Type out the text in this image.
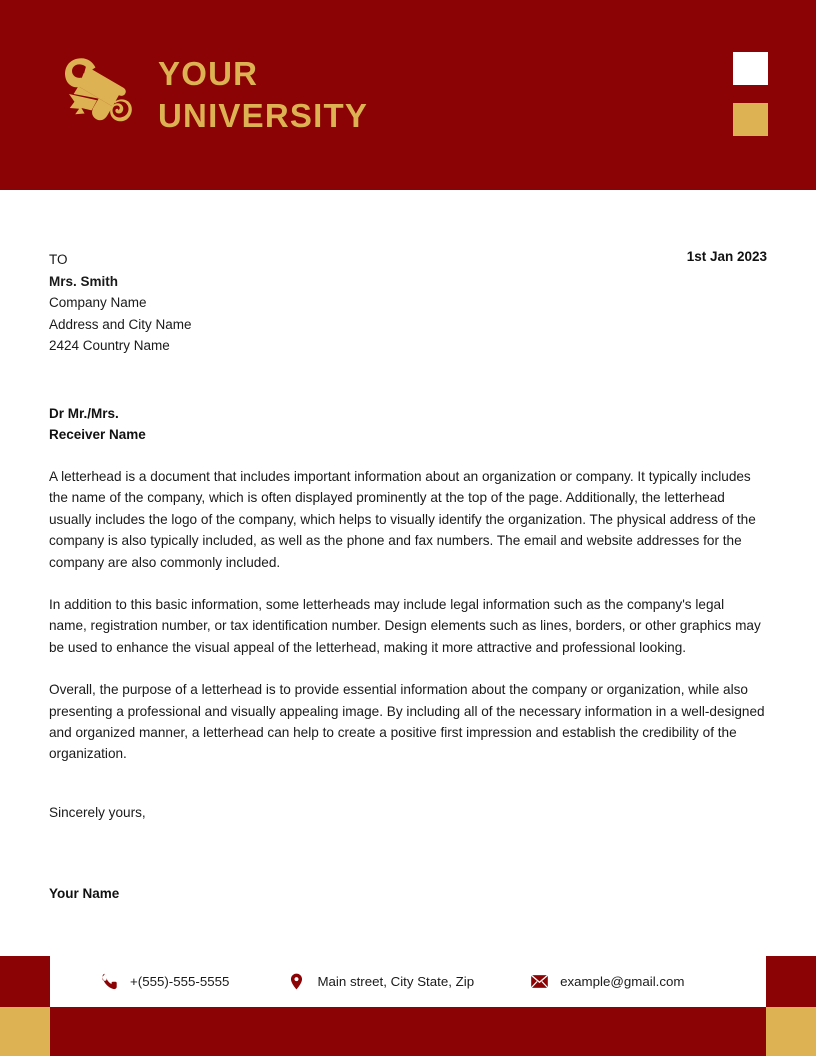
YOUR
UNIVERSITY
TO
Mrs. Smith
Company Name
Address and City Name
2424 Country Name
1st Jan 2023
Dr Mr./Mrs.
Receiver Name

A letterhead is a document that includes important information about an organization or company. It typically includes the name of the company, which is often displayed prominently at the top of the page. Additionally, the letterhead usually includes the logo of the company, which helps to visually identify the organization. The physical address of the company is also typically included, as well as the phone and fax numbers. The email and website addresses for the company are also commonly included.

In addition to this basic information, some letterheads may include legal information such as the company's legal name, registration number, or tax identification number. Design elements such as lines, borders, or other graphics may be used to enhance the visual appeal of the letterhead, making it more attractive and professional looking.

Overall, the purpose of a letterhead is to provide essential information about the company or organization, while also presenting a professional and visually appealing image. By including all of the necessary information in a well-designed and organized manner, a letterhead can help to create a positive first impression and establish the credibility of the organization.

Sincerely yours,
Your Name
+(555)-555-5555	Main street, City State, Zip	example@gmail.com
